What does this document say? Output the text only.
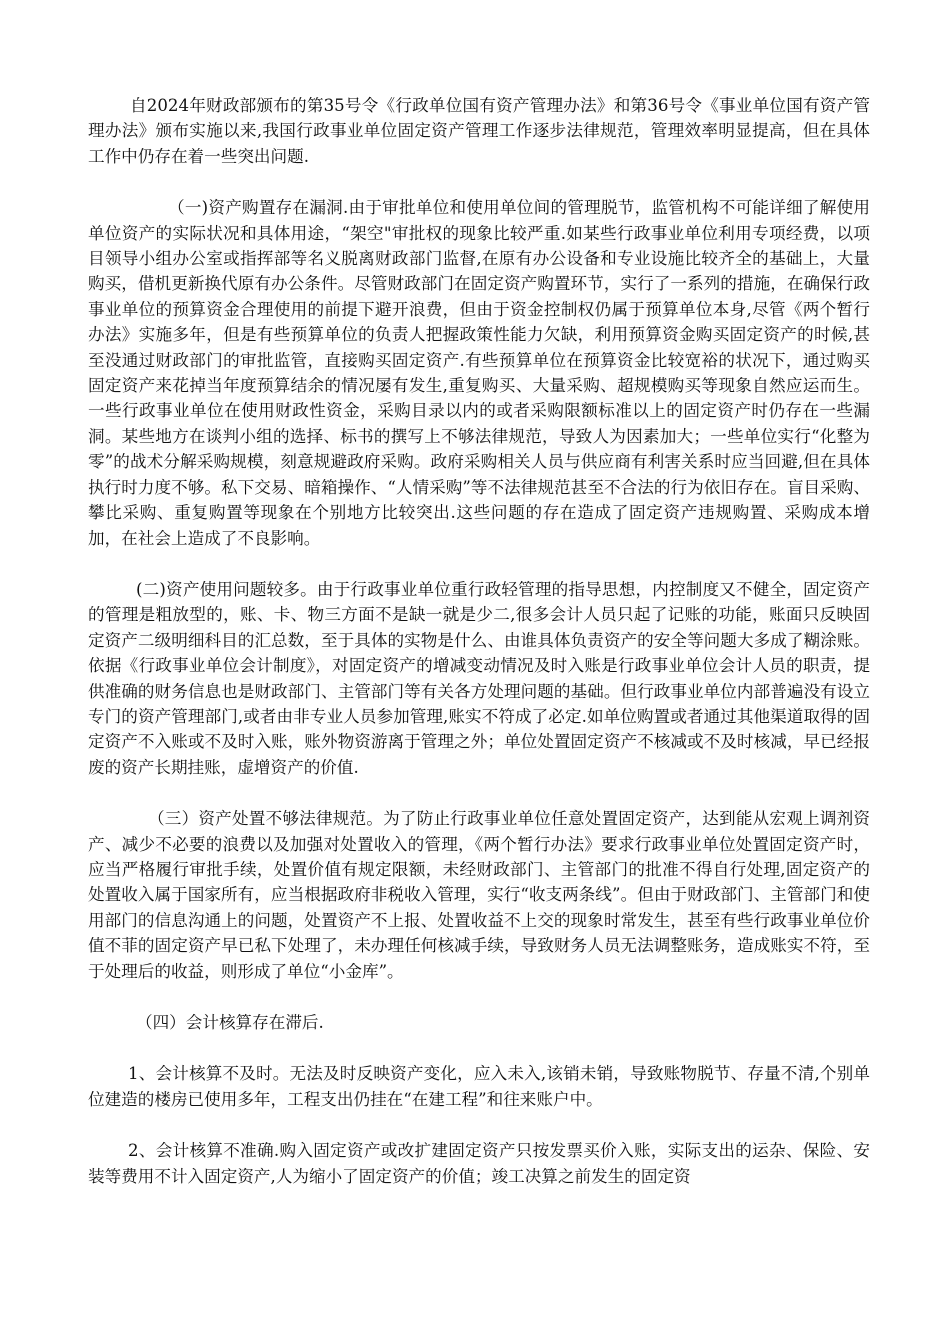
自2024年财政部颁布的第35号令《行政单位国有资产管理办法》和第36号令《事业单位国有资产管理办法》颁布实施以来,我国行政事业单位固定资产管理工作逐步法律规范，管理效率明显提高，但在具体工作中仍存在着一些突出问题.

（一)资产购置存在漏洞.由于审批单位和使用单位间的管理脱节，监管机构不可能详细了解使用单位资产的实际状况和具体用途，“架空"审批权的现象比较严重.如某些行政事业单位利用专项经费，以项目领导小组办公室或指挥部等名义脱离财政部门监督,在原有办公设备和专业设施比较齐全的基础上，大量购买，借机更新换代原有办公条件。尽管财政部门在固定资产购置环节，实行了一系列的措施，在确保行政事业单位的预算资金合理使用的前提下避开浪费，但由于资金控制权仍属于预算单位本身,尽管《两个暂行办法》实施多年，但是有些预算单位的负责人把握政策性能力欠缺，利用预算资金购买固定资产的时候,甚至没通过财政部门的审批监管，直接购买固定资产.有些预算单位在预算资金比较宽裕的状况下，通过购买固定资产来花掉当年度预算结余的情况屡有发生,重复购买、大量采购、超规模购买等现象自然应运而生。一些行政事业单位在使用财政性资金，采购目录以内的或者采购限额标准以上的固定资产时仍存在一些漏洞。某些地方在谈判小组的选择、标书的撰写上不够法律规范，导致人为因素加大；一些单位实行“化整为零”的战术分解采购规模，刻意规避政府采购。政府采购相关人员与供应商有利害关系时应当回避,但在具体执行时力度不够。私下交易、暗箱操作、“人情采购”等不法律规范甚至不合法的行为依旧存在。盲目采购、攀比采购、重复购置等现象在个别地方比较突出.这些问题的存在造成了固定资产违规购置、采购成本增加，在社会上造成了不良影响。

(二)资产使用问题较多。由于行政事业单位重行政轻管理的指导思想，内控制度又不健全，固定资产的管理是粗放型的，账、卡、物三方面不是缺一就是少二,很多会计人员只起了记账的功能，账面只反映固定资产二级明细科目的汇总数，至于具体的实物是什么、由谁具体负责资产的安全等问题大多成了糊涂账。依据《行政事业单位会计制度》，对固定资产的增减变动情况及时入账是行政事业单位会计人员的职责，提供准确的财务信息也是财政部门、主管部门等有关各方处理问题的基础。但行政事业单位内部普遍没有设立专门的资产管理部门,或者由非专业人员参加管理,账实不符成了必定.如单位购置或者通过其他渠道取得的固定资产不入账或不及时入账，账外物资游离于管理之外；单位处置固定资产不核减或不及时核减，早已经报废的资产长期挂账，虚增资产的价值.

（三）资产处置不够法律规范。为了防止行政事业单位任意处置固定资产，达到能从宏观上调剂资产、减少不必要的浪费以及加强对处置收入的管理，《两个暂行办法》要求行政事业单位处置固定资产时，应当严格履行审批手续，处置价值有规定限额，未经财政部门、主管部门的批准不得自行处理,固定资产的处置收入属于国家所有，应当根据政府非税收入管理，实行“收支两条线”。但由于财政部门、主管部门和使用部门的信息沟通上的问题，处置资产不上报、处置收益不上交的现象时常发生，甚至有些行政事业单位价值不菲的固定资产早已私下处理了，未办理任何核减手续，导致财务人员无法调整账务，造成账实不符，至于处理后的收益，则形成了单位“小金库”。

（四）会计核算存在滞后.

1、会计核算不及时。无法及时反映资产变化，应入未入,该销未销，导致账物脱节、存量不清,个别单位建造的楼房已使用多年，工程支出仍挂在“在建工程”和往来账户中。

2、会计核算不准确.购入固定资产或改扩建固定资产只按发票买价入账，实际支出的运杂、保险、安装等费用不计入固定资产,人为缩小了固定资产的价值；竣工决算之前发生的固定资
